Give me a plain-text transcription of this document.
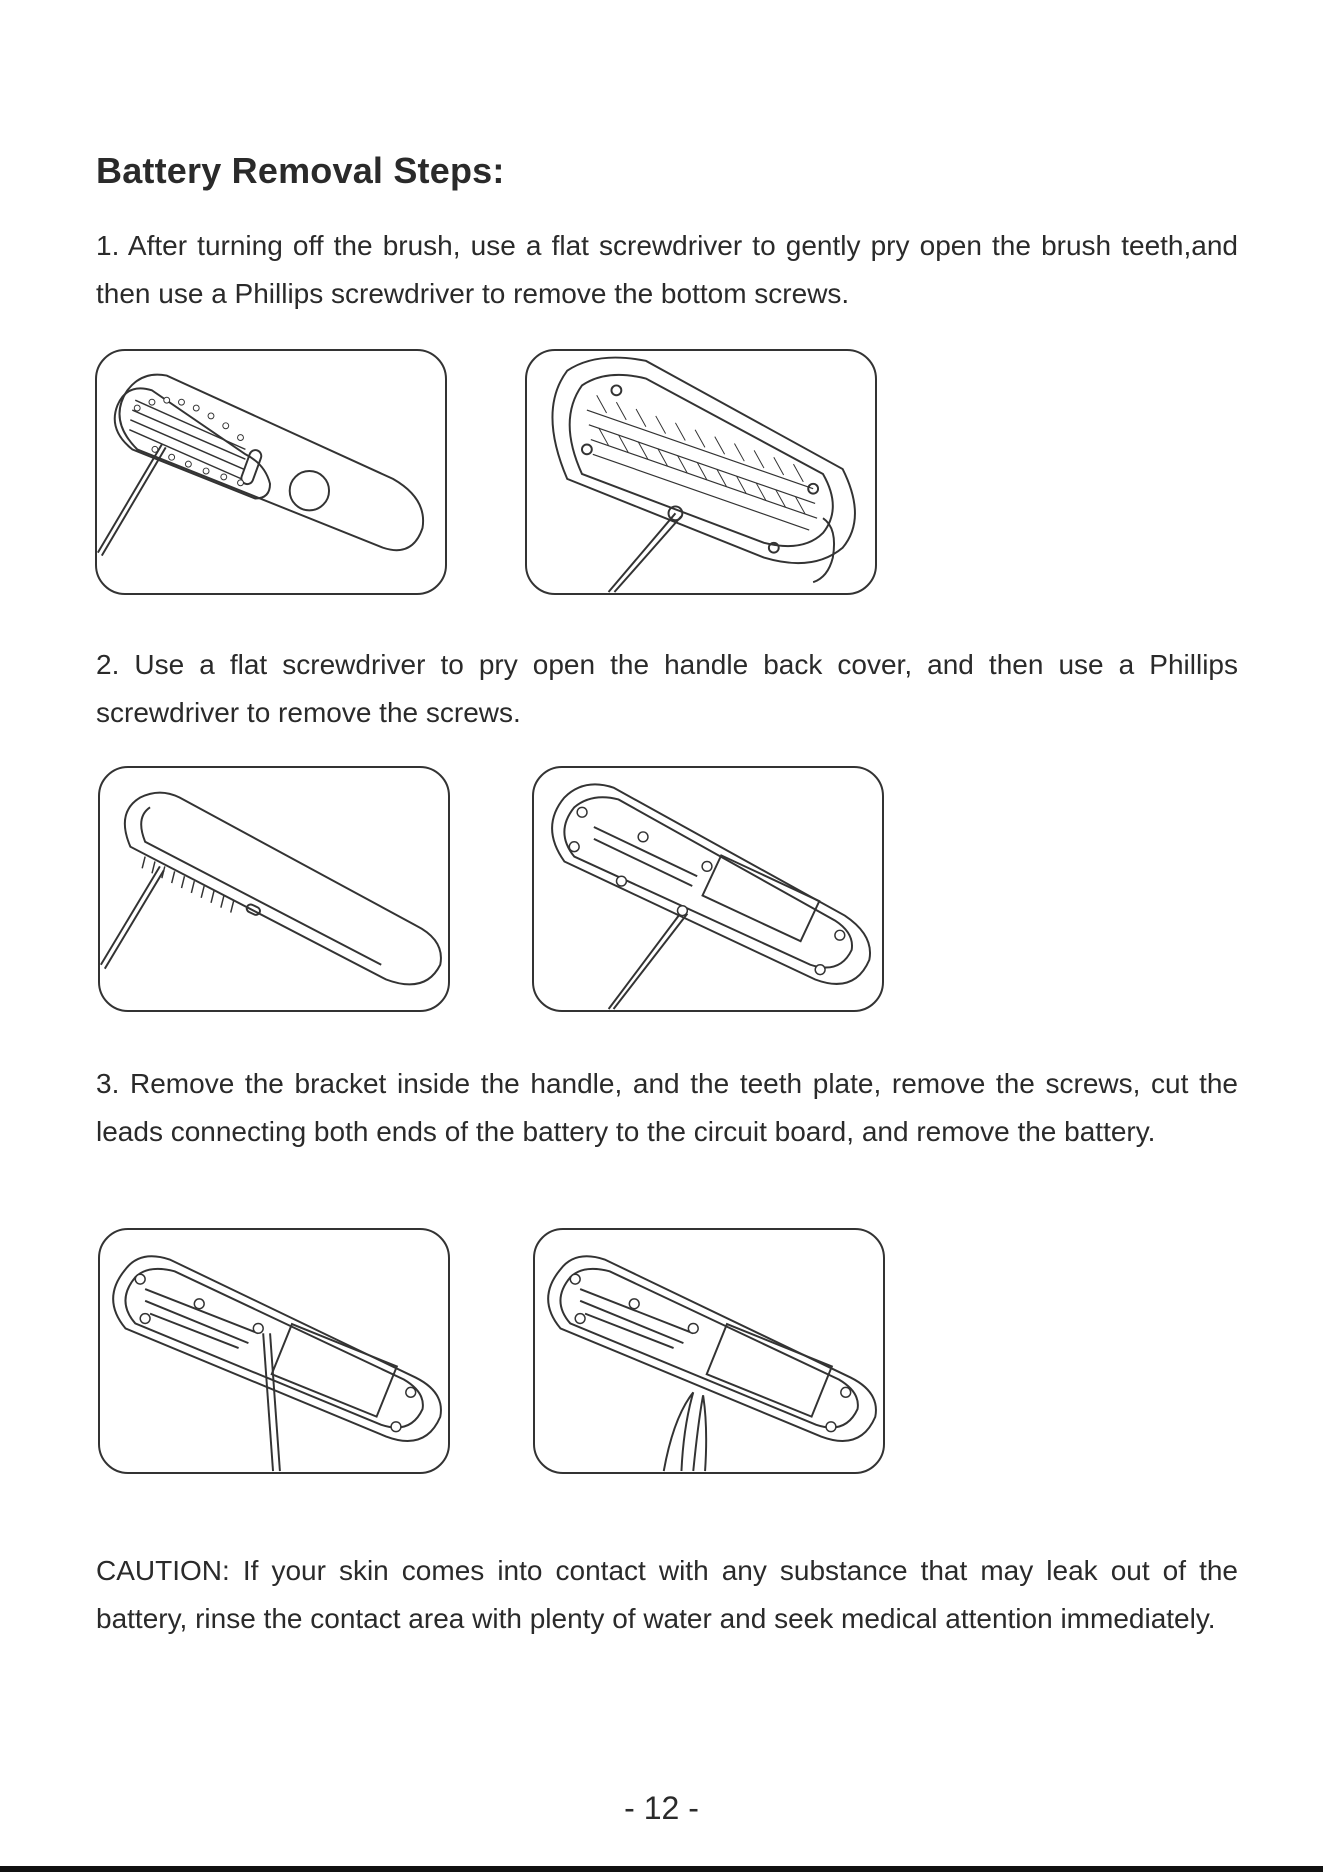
Battery Removal Steps:

1. After turning off the brush, use a flat screwdriver to gently pry open the brush teeth,and then use a Phillips screwdriver to remove the bottom screws.

2. Use a flat screwdriver to pry open the handle back cover, and then use a Phillips screwdriver to remove the screws.

3. Remove the bracket inside the handle, and the teeth plate, remove the screws, cut the leads connecting both ends of the battery to the circuit board, and remove the battery.

CAUTION: If your skin comes into contact with any substance that may leak out of the battery, rinse the contact area with plenty of water and seek medical attention immediately.

- 12 -
